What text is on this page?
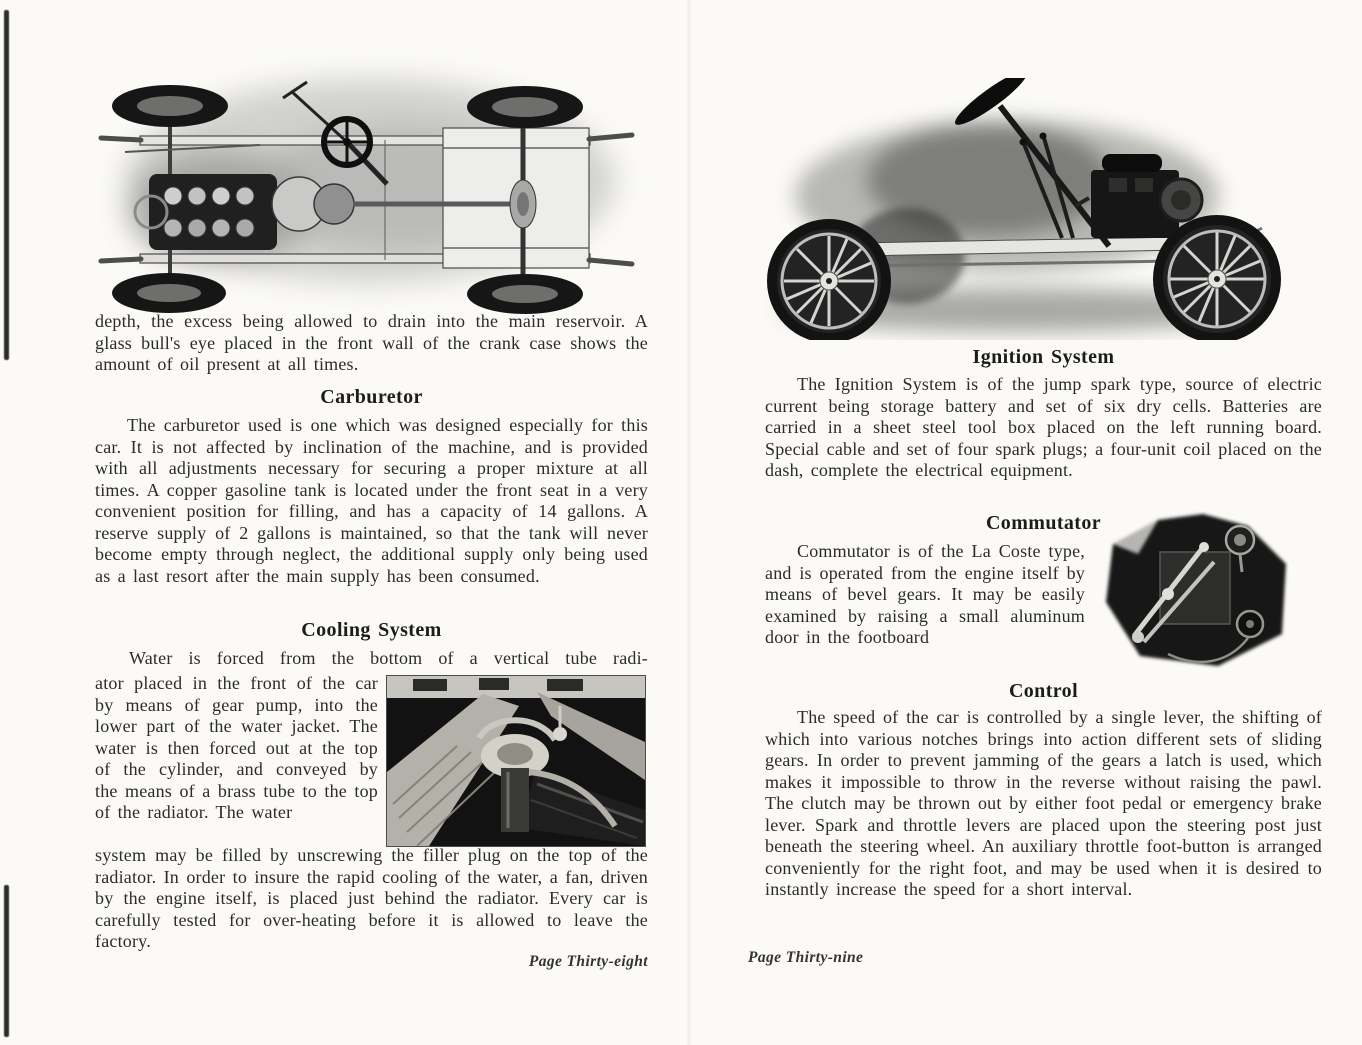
depth, the excess being allowed to drain into the main reservoir. A glass bull's eye placed in the front wall of the crank case shows the amount of oil present at all times.

Carburetor

The carburetor used is one which was designed especially for this car. It is not affected by inclination of the machine, and is provided with all adjustments necessary for securing a proper mixture at all times. A copper gasoline tank is located under the front seat in a very convenient position for filling, and has a capacity of 14 gallons. A reserve supply of 2 gallons is maintained, so that the tank will never become empty through neglect, the additional supply only being used as a last resort after the main supply has been consumed.

Cooling System

Water is forced from the bottom of a vertical tube radi-

ator placed in the front of the car by means of gear pump, into the lower part of the water jacket. The water is then forced out at the top of the cylinder, and conveyed by the means of a brass tube to the top of the radiator. The water

system may be filled by unscrewing the filler plug on the top of the radiator. In order to insure the rapid cooling of the water, a fan, driven by the engine itself, is placed just behind the radiator. Every car is carefully tested for over-heating before it is allowed to leave the factory.

Page Thirty-eight
Ignition System

The Ignition System is of the jump spark type, source of electric current being storage battery and set of six dry cells. Batteries are carried in a sheet steel tool box placed on the left running board. Special cable and set of four spark plugs; a four-unit coil placed on the dash, complete the electrical equipment.

Commutator

Commutator is of the La Coste type, and is operated from the engine itself by means of bevel gears. It may be easily examined by raising a small aluminum door in the footboard

Control

The speed of the car is controlled by a single lever, the shifting of which into various notches brings into action different sets of sliding gears. In order to prevent jamming of the gears a latch is used, which makes it impossible to throw in the reverse without raising the pawl. The clutch may be thrown out by either foot pedal or emergency brake lever. Spark and throttle levers are placed upon the steering post just beneath the steering wheel. An auxiliary throttle foot-button is arranged conveniently for the right foot, and may be used when it is desired to instantly increase the speed for a short interval.

Page Thirty-nine
